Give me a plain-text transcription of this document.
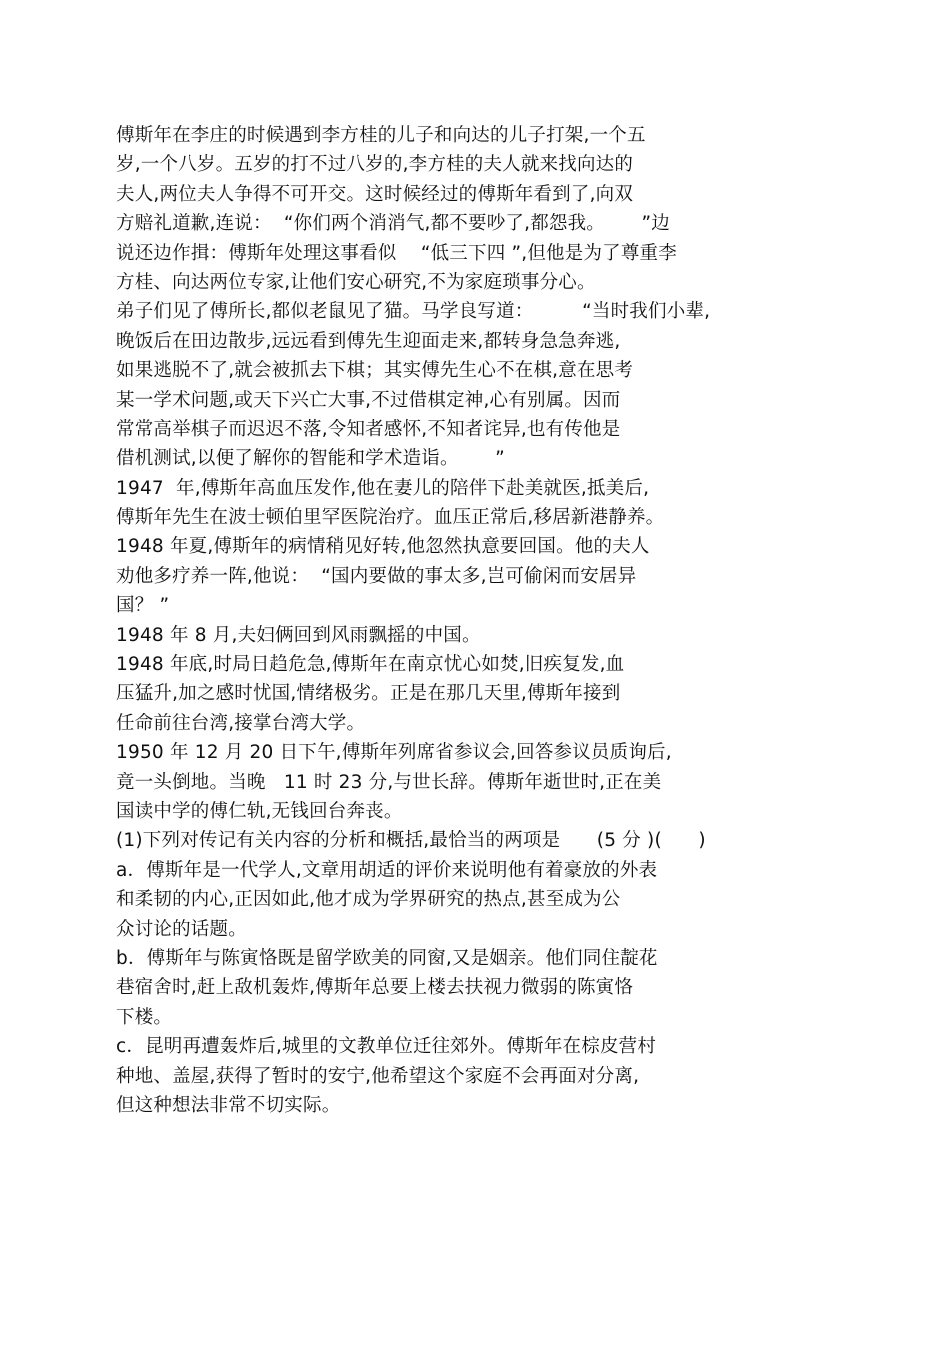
傅斯年在李庄的时候遇到李方桂的儿子和向达的儿子打架,一个五
岁,一个八岁。五岁的打不过八岁的,李方桂的夫人就来找向达的
夫人,两位夫人争得不可开交。这时候经过的傅斯年看到了,向双
方赔礼道歉,连说：  “你们两个消消气,都不要吵了,都怨我。      ”边
说还边作揖：傅斯年处理这事看似    “低三下四 ”,但他是为了尊重李
方桂、向达两位专家,让他们安心研究,不为家庭琐事分心。
弟子们见了傅所长,都似老鼠见了猫。马学良写道：        “当时我们小辈,
晚饭后在田边散步,远远看到傅先生迎面走来,都转身急急奔逃,
如果逃脱不了,就会被抓去下棋；其实傅先生心不在棋,意在思考
某一学术问题,或天下兴亡大事,不过借棋定神,心有别属。因而
常常高举棋子而迟迟不落,令知者感怀,不知者诧异,也有传他是
借机测试,以便了解你的智能和学术造诣。      ”
1947  年,傅斯年高血压发作,他在妻儿的陪伴下赴美就医,抵美后,
傅斯年先生在波士顿伯里罕医院治疗。血压正常后,移居新港静养。
1948 年夏,傅斯年的病情稍见好转,他忽然执意要回国。他的夫人
劝他多疗养一阵,他说：  “国内要做的事太多,岂可偷闲而安居异
国？ ”
1948 年 8 月,夫妇俩回到风雨飘摇的中国。
1948 年底,时局日趋危急,傅斯年在南京忧心如焚,旧疾复发,血
压猛升,加之感时忧国,情绪极劣。正是在那几天里,傅斯年接到
任命前往台湾,接掌台湾大学。
1950 年 12 月 20 日下午,傅斯年列席省参议会,回答参议员质询后,
竟一头倒地。当晚   11 时 23 分,与世长辞。傅斯年逝世时,正在美
国读中学的傅仁轨,无钱回台奔丧。
(1)下列对传记有关内容的分析和概括,最恰当的两项是      (5 分 )(      )
a．傅斯年是一代学人,文章用胡适的评价来说明他有着豪放的外表
和柔韧的内心,正因如此,他才成为学界研究的热点,甚至成为公
众讨论的话题。
b．傅斯年与陈寅恪既是留学欧美的同窗,又是姻亲。他们同住靛花
巷宿舍时,赶上敌机轰炸,傅斯年总要上楼去扶视力微弱的陈寅恪
下楼。
c．昆明再遭轰炸后,城里的文教单位迁往郊外。傅斯年在棕皮营村
种地、盖屋,获得了暂时的安宁,他希望这个家庭不会再面对分离,
但这种想法非常不切实际。
